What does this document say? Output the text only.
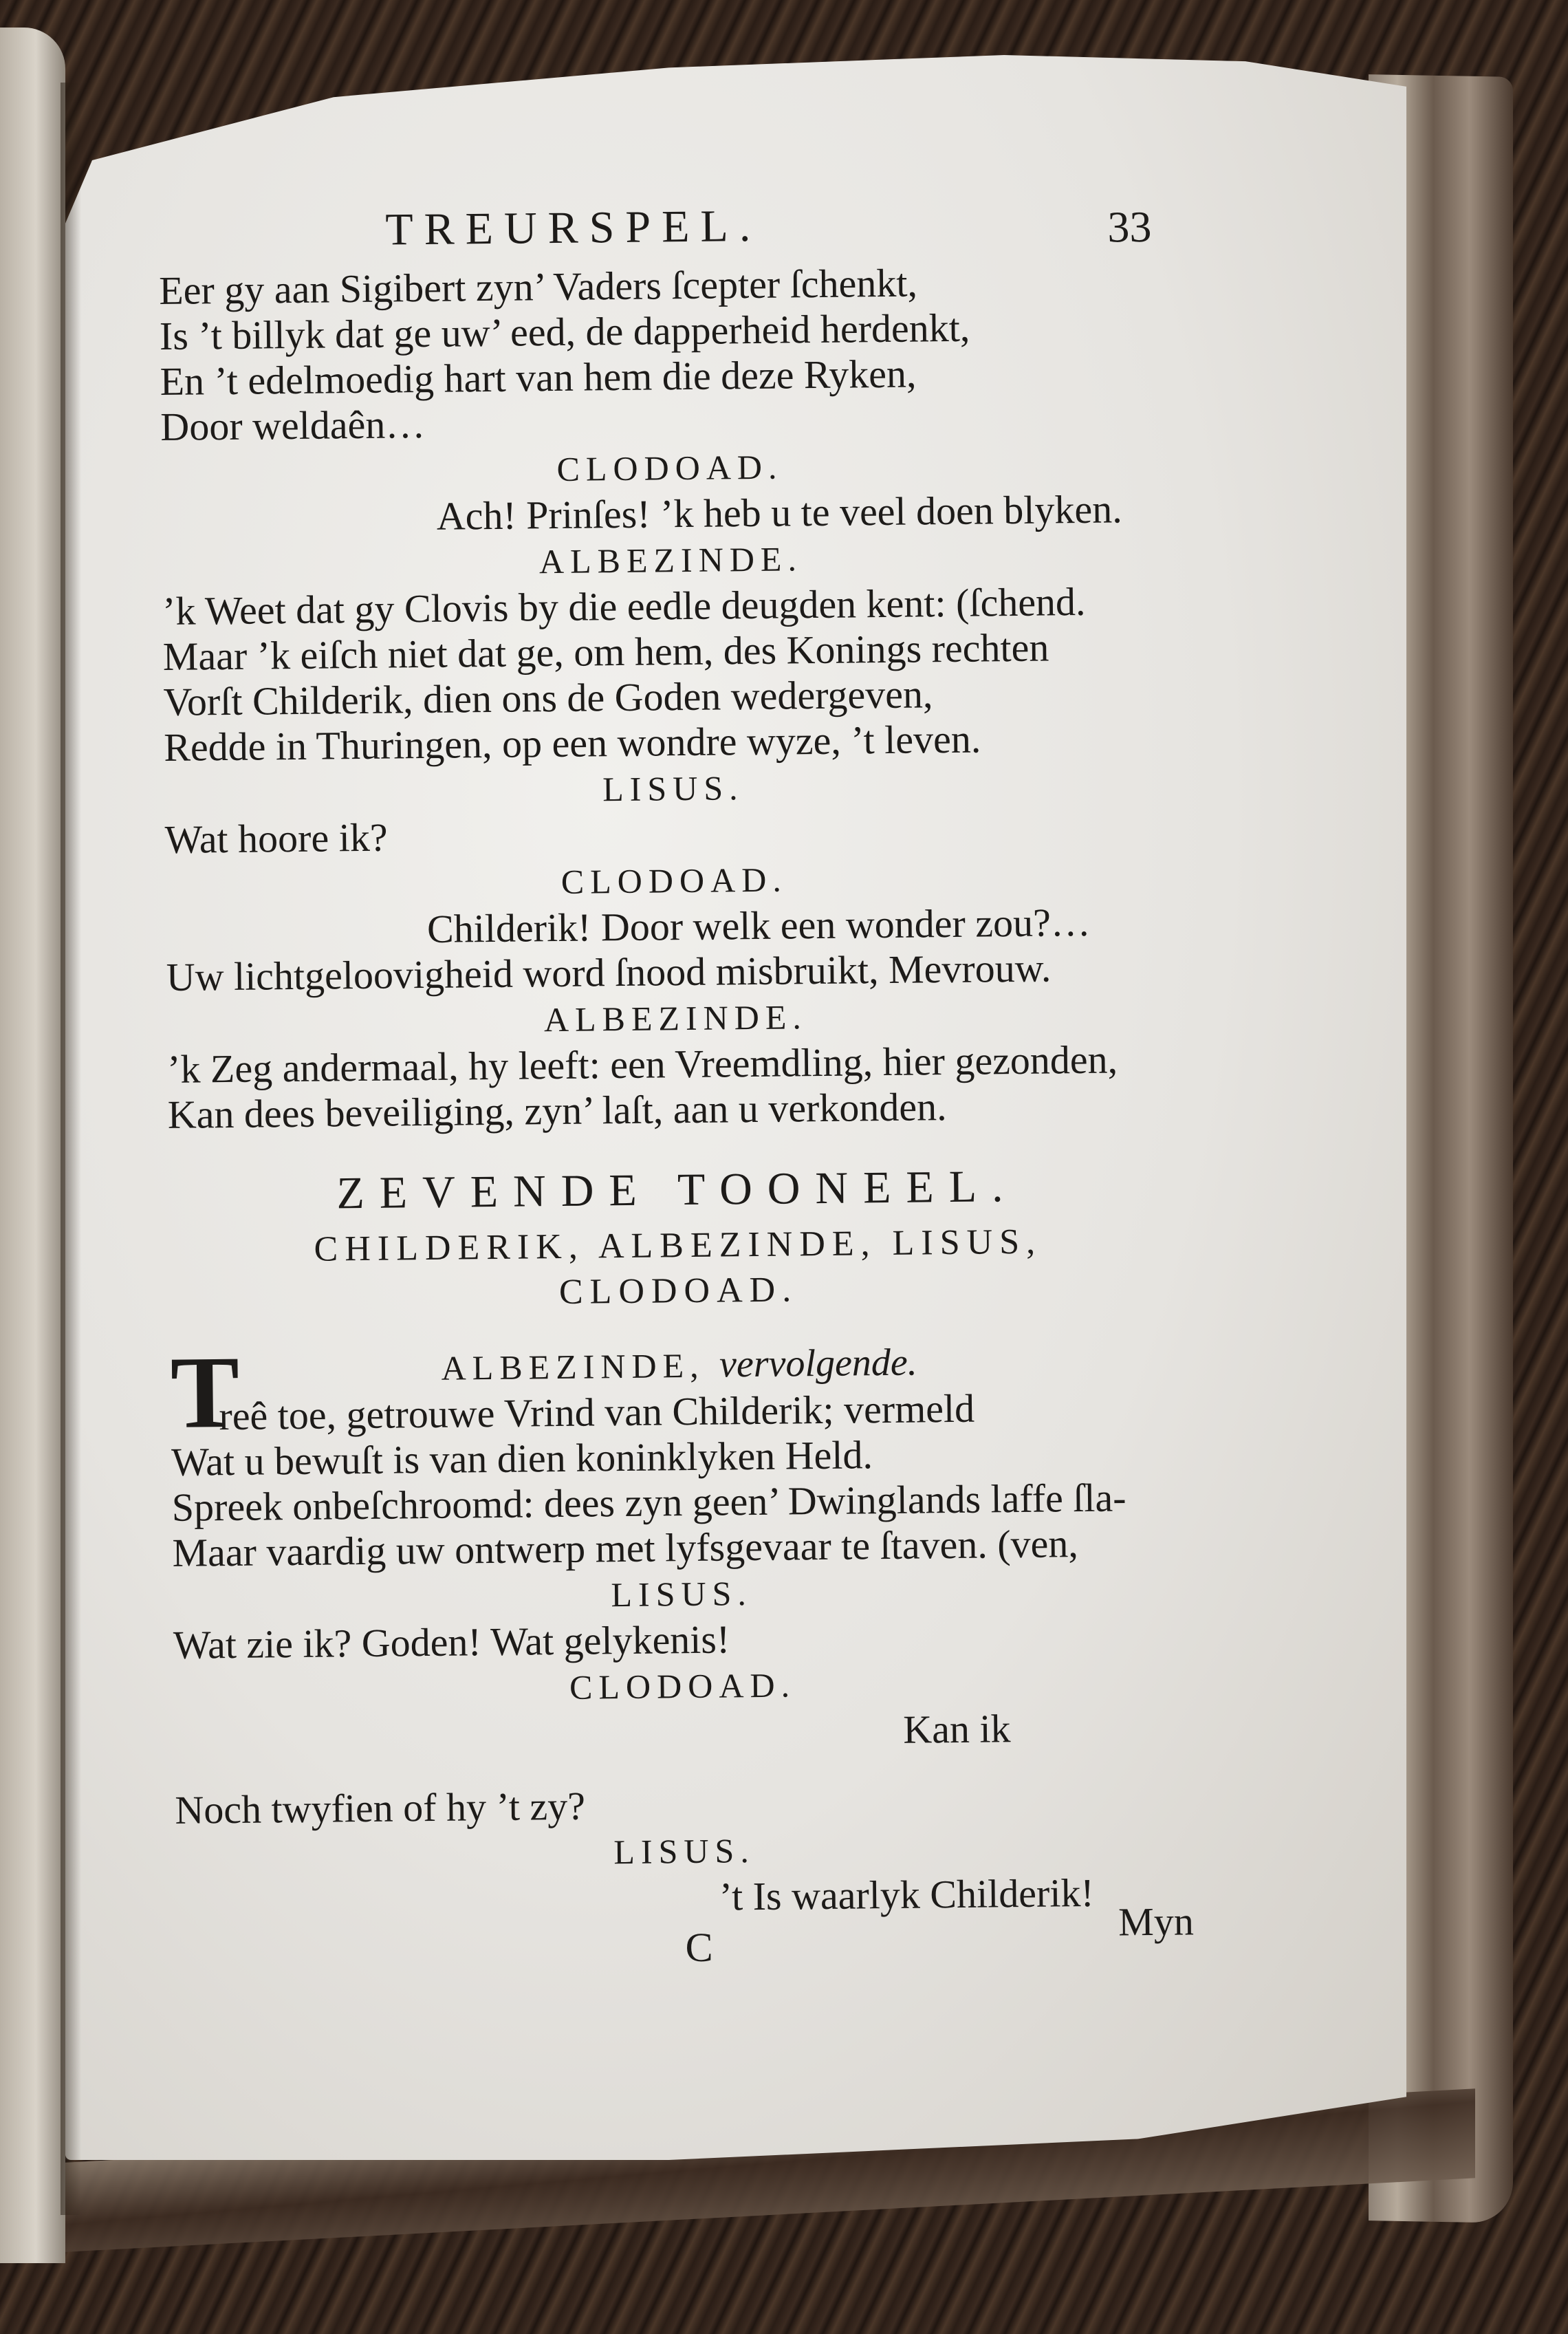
TREURSPEL.	33
Eer gy aan Sigibert zyn’ Vaders ſcepter ſchenkt,
Is ’t billyk dat ge uw’ eed, de dapperheid herdenkt,
En ’t edelmoedig hart van hem die deze Ryken,
Door weldaên…
CLODOAD.
Ach! Prinſes! ’k heb u te veel doen blyken.
ALBEZINDE.
’k Weet dat gy Clovis by die eedle deugden kent: (ſchend.
Maar ’k eiſch niet dat ge, om hem, des Konings rechten
Vorſt Childerik, dien ons de Goden wedergeven,
Redde in Thuringen, op een wondre wyze, ’t leven.
LISUS.
Wat hoore ik?
CLODOAD.
Childerik! Door welk een wonder zou?…
Uw lichtgeloovigheid word ſnood misbruikt, Mevrouw.
ALBEZINDE.
’k Zeg andermaal, hy leeft: een Vreemdling, hier gezonden,
Kan dees beveiliging, zyn’ laſt, aan u verkonden.
ZEVENDE TOONEEL.
CHILDERIK, ALBEZINDE, LISUS,
CLODOAD.
T	ALBEZINDE, vervolgende.
reê toe, getrouwe Vrind van Childerik; vermeld
Wat u bewuſt is van dien koninklyken Held.
Spreek onbeſchroomd: dees zyn geen’ Dwinglands laffe ſla-
Maar vaardig uw ontwerp met lyfsgevaar te ſtaven. (ven,
LISUS.
Wat zie ik? Goden! Wat gelykenis!
CLODOAD.
Kan ik
Noch twyfien of hy ’t zy?
LISUS.
’t Is waarlyk Childerik!
C
Myn
